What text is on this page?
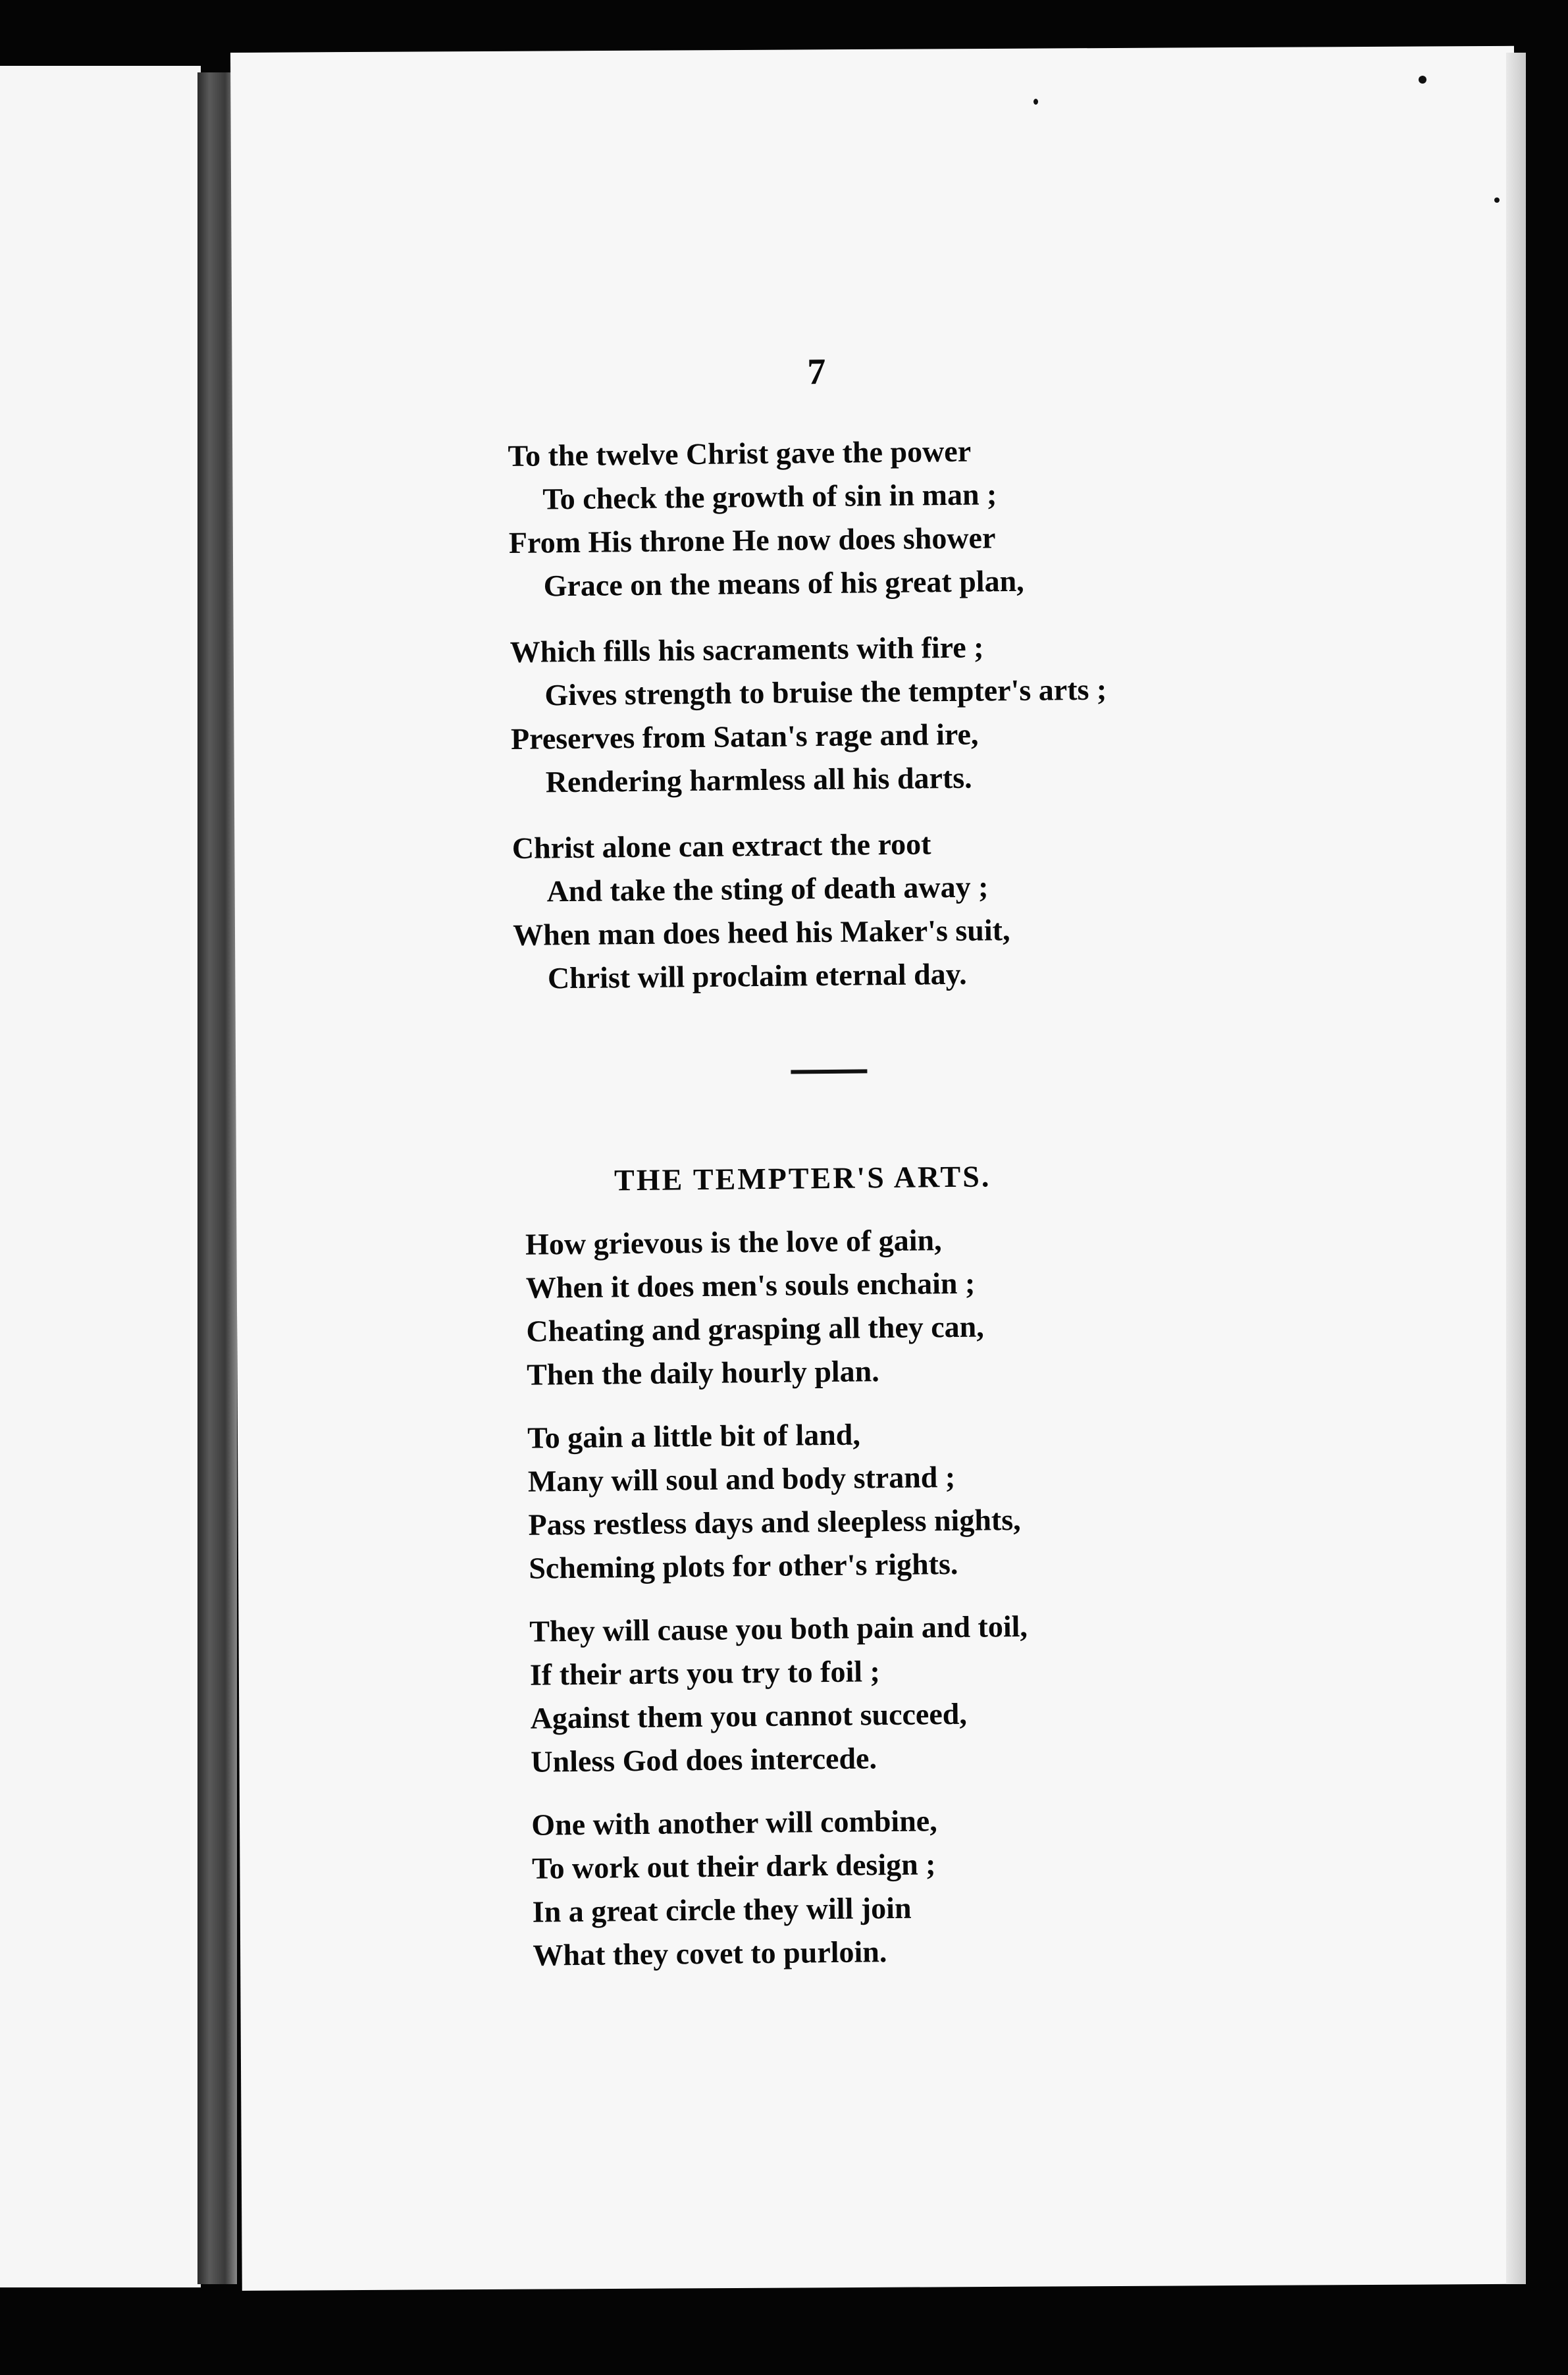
7
To the twelve Christ gave the power
To check the growth of sin in man ;
From His throne He now does shower
Grace on the means of his great plan,
Which fills his sacraments with fire ;
Gives strength to bruise the tempter's arts ;
Preserves from Satan's rage and ire,
Rendering harmless all his darts.
Christ alone can extract the root
And take the sting of death away ;
When man does heed his Maker's suit,
Christ will proclaim eternal day.
THE TEMPTER'S ARTS.
How grievous is the love of gain,
When it does men's souls enchain ;
Cheating and grasping all they can,
Then the daily hourly plan.
To gain a little bit of land,
Many will soul and body strand ;
Pass restless days and sleepless nights,
Scheming plots for other's rights.
They will cause you both pain and toil,
If their arts you try to foil ;
Against them you cannot succeed,
Unless God does intercede.
One with another will combine,
To work out their dark design ;
In a great circle they will join
What they covet to purloin.
